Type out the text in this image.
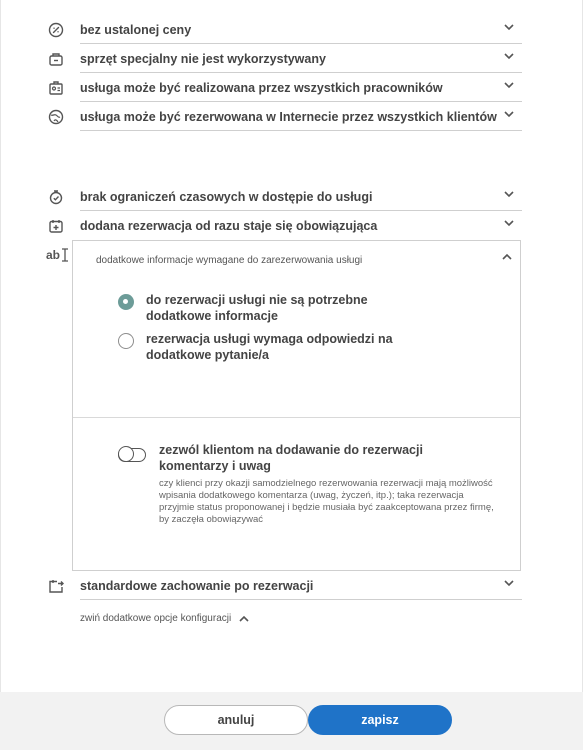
bez ustalonej ceny
sprzęt specjalny nie jest wykorzystywany
usługa może być realizowana przez wszystkich pracowników
usługa może być rezerwowana w Internecie przez wszystkich klientów
brak ograniczeń czasowych w dostępie do usługi
dodana rezerwacja od razu staje się obowiązująca
ab	dodatkowe informacje wymagane do zarezerwowania usługi
do rezerwacji usługi nie są potrzebne dodatkowe informacje
rezerwacja usługi wymaga odpowiedzi na dodatkowe pytanie/a
zezwól klientom na dodawanie do rezerwacji komentarzy i uwag
czy klienci przy okazji samodzielnego rezerwowania rezerwacji mają możliwość wpisania dodatkowego komentarza (uwag, życzeń, itp.); taka rezerwacja przyjmie status proponowanej i będzie musiała być zaakceptowana przez firmę, by zaczęła obowiązywać
standardowe zachowanie po rezerwacji
zwiń dodatkowe opcje konfiguracji
anuluj	zapisz
